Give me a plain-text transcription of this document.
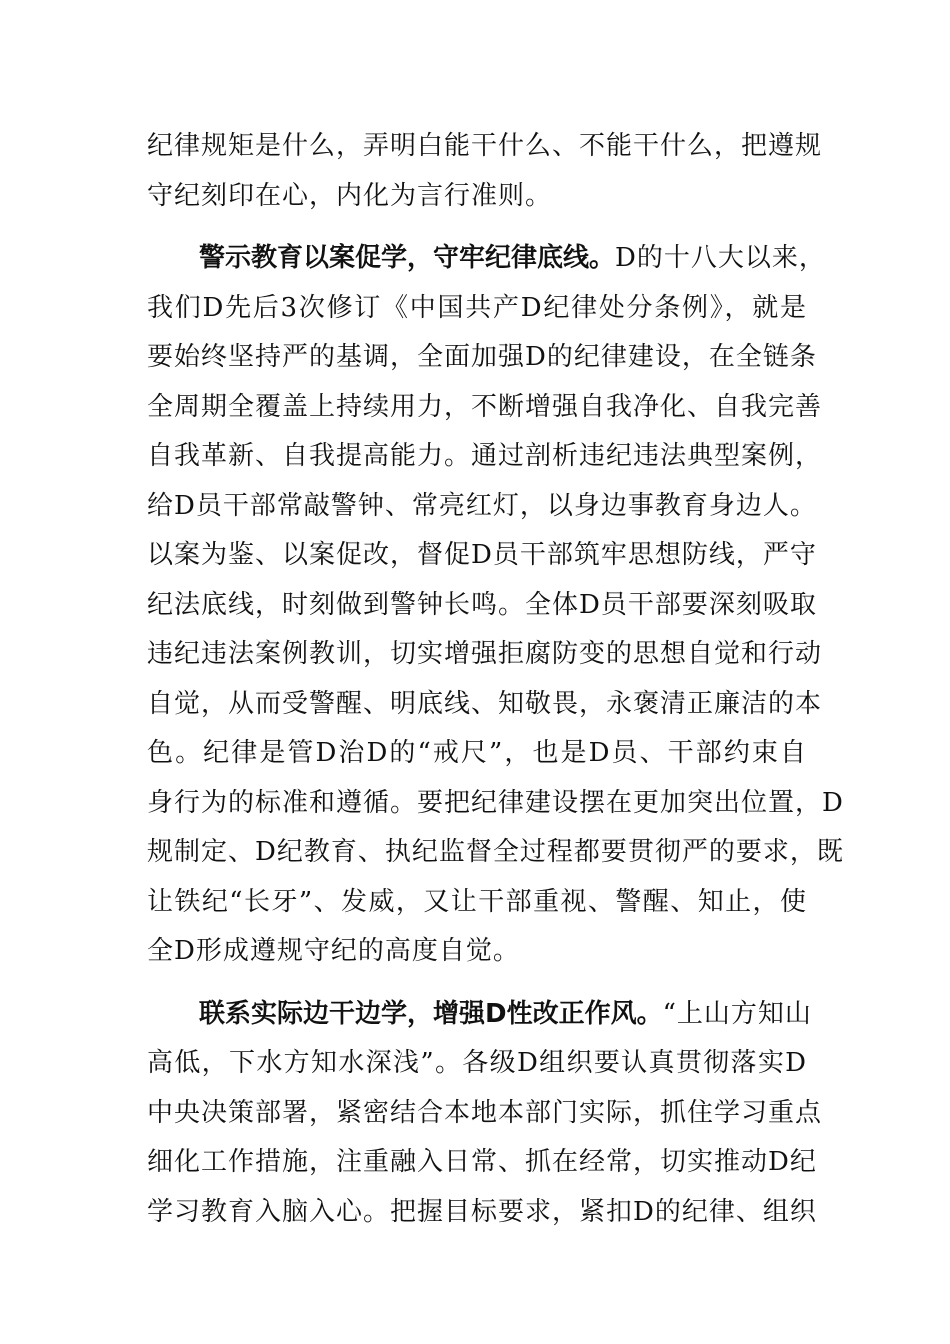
纪律规矩是什么，弄明白能干什么、不能干什么，把遵规
守纪刻印在心，内化为言行准则。
警示教育以案促学，守牢纪律底线。D的十八大以来，
我们D先后3次修订《中国共产D纪律处分条例》，就是
要始终坚持严的基调，全面加强D的纪律建设，在全链条
全周期全覆盖上持续用力，不断增强自我净化、自我完善
自我革新、自我提高能力。通过剖析违纪违法典型案例，
给D员干部常敲警钟、常亮红灯，以身边事教育身边人。
以案为鉴、以案促改，督促D员干部筑牢思想防线，严守
纪法底线，时刻做到警钟长鸣。全体D员干部要深刻吸取
违纪违法案例教训，切实增强拒腐防变的思想自觉和行动
自觉，从而受警醒、明底线、知敬畏，永褒清正廉洁的本
色。纪律是管D治D的“戒尺”，也是D员、干部约束自
身行为的标准和遵循。要把纪律建设摆在更加突出位置，D
规制定、D纪教育、执纪监督全过程都要贯彻严的要求，既
让铁纪“长牙”、发威，又让干部重视、警醒、知止，使
全D形成遵规守纪的高度自觉。
联系实际边干边学，增强D性改正作风。“上山方知山
高低，下水方知水深浅”。各级D组织要认真贯彻落实D
中央决策部署，紧密结合本地本部门实际，抓住学习重点
细化工作措施，注重融入日常、抓在经常，切实推动D纪
学习教育入脑入心。把握目标要求，紧扣D的纪律、组织
